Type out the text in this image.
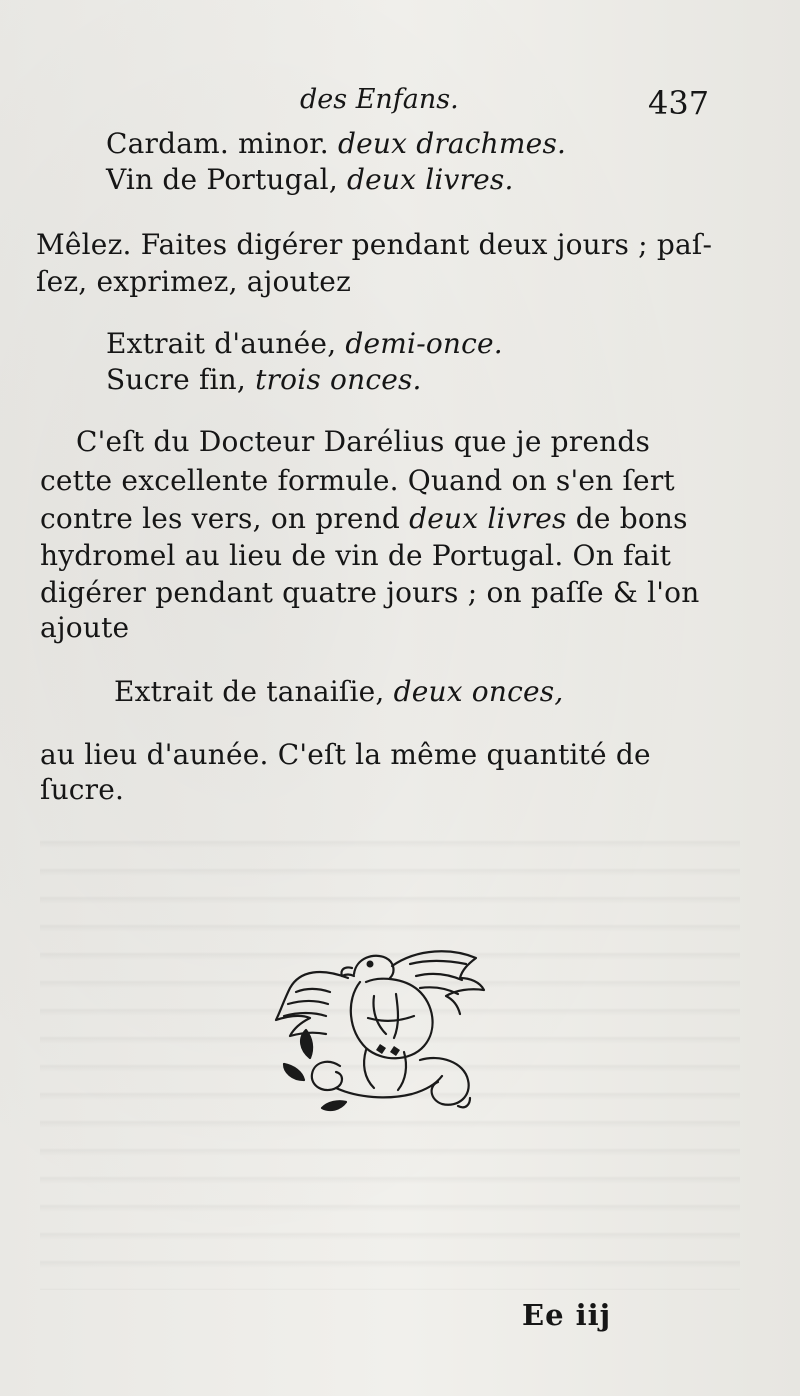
des Enfans.	437
Cardam. minor. deux drachmes.
Vin de Portugal, deux livres.
Mêlez. Faites digérer pendant deux jours ; paſ-
ſez, exprimez, ajoutez
Extrait d'aunée, demi-once.
Sucre fin, trois onces.
C'eſt du Docteur Darélius que je prends
cette excellente formule. Quand on s'en ſert
contre les vers, on prend deux livres de bons
hydromel au lieu de vin de Portugal. On fait
digérer pendant quatre jours ; on paſſe & l'on
ajoute
Extrait de tanaiſie, deux onces,
au lieu d'aunée. C'eſt la même quantité de
ſucre.
Ee iij
